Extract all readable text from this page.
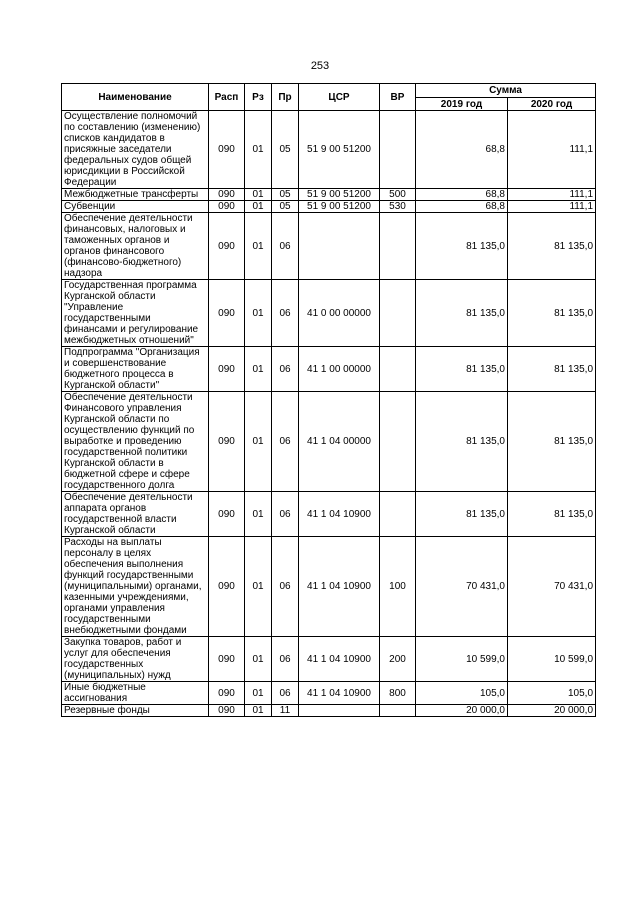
253
Наименование	Расп	Рз	Пр	ЦСР	ВР	Сумма	
						2019 год	2020 год
Осуществление полномочий по составлению (изменению) списков кандидатов в присяжные заседатели федеральных судов общей юрисдикции в Российской Федерации	090	01	05	51 9 00 51200		68,8	111,1
Межбюджетные трансферты	090	01	05	51 9 00 51200	500	68,8	111,1
Субвенции	090	01	05	51 9 00 51200	530	68,8	111,1
Обеспечение деятельности финансовых, налоговых и таможенных органов и органов финансового (финансово-бюджетного) надзора	090	01	06			81 135,0	81 135,0
Государственная программа Курганской области "Управление государственными финансами и регулирование межбюджетных отношений"	090	01	06	41 0 00 00000		81 135,0	81 135,0
Подпрограмма "Организация и совершенствование бюджетного процесса в Курганской области"	090	01	06	41 1 00 00000		81 135,0	81 135,0
Обеспечение деятельности Финансового управления Курганской области по осуществлению функций по выработке и проведению государственной политики Курганской области в бюджетной сфере и сфере государственного долга	090	01	06	41 1 04 00000		81 135,0	81 135,0
Обеспечение деятельности аппарата органов государственной власти Курганской области	090	01	06	41 1 04 10900		81 135,0	81 135,0
Расходы на выплаты персоналу в целях обеспечения выполнения функций государственными (муниципальными) органами, казенными учреждениями, органами управления государственными внебюджетными фондами	090	01	06	41 1 04 10900	100	70 431,0	70 431,0
Закупка товаров, работ и услуг для обеспечения государственных (муниципальных) нужд	090	01	06	41 1 04 10900	200	10 599,0	10 599,0
Иные бюджетные ассигнования	090	01	06	41 1 04 10900	800	105,0	105,0
Резервные фонды	090	01	11			20 000,0	20 000,0
